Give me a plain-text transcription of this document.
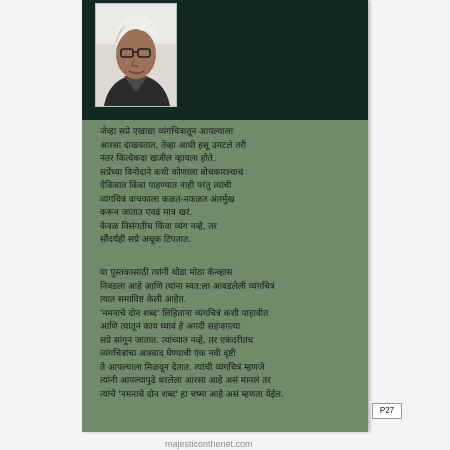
जेव्हा सप्रे एखाद्या व्यंगचित्रातून आपल्याला
आरसा दाखवतात, तेव्हा आधी हसू उमटले तरी
नंतर कित्येकदा खजील व्हायला होते.
सप्रेंच्या विनोदाने कधी कोणाला बोचकारल्याचं
ऐकिवात किंवा पाहण्यात नाही परंतु त्यांची
व्यंगचित्रं वाचकाला कळत-नकळत अंतर्मुख
करून जातात एवढं मात्र खरं.
केवळ विसंगतीच किंवा व्यंग नव्हे, तर
सौंदर्यही सप्रे अचूक टिपतात.
या पुस्तकासाठी त्यांनी थोडा मोठा कॅन्व्हास
निवडला आहे आणि त्यांना स्वत:ला आवडलेली व्यंगचित्रं
त्यात समाविष्ट केली आहेत.
'नमनाचे दोन शब्द' लिहिताना व्यंगचित्रं कशी पाहावीत
आणि त्यातून काय घ्यावं हे अगदी सहजगत्या
सप्रे सांगून जातात. त्यांच्यात नव्हे, तर एकंदरीतच
व्यंगचित्रांचा आस्वाद घेण्याची एक नवी दृष्टी
ते आपल्याला मिळवून देतात. त्यांची व्यंगचित्रं म्हणजे
त्यांनी आपल्यापुढे धरलेला आरसा आहे असं मानलं तर
त्यांचे 'नमनाचे दोन शब्द' हा चष्मा आहे असं म्हणता येईल.
P27
majesticonthenet.com
